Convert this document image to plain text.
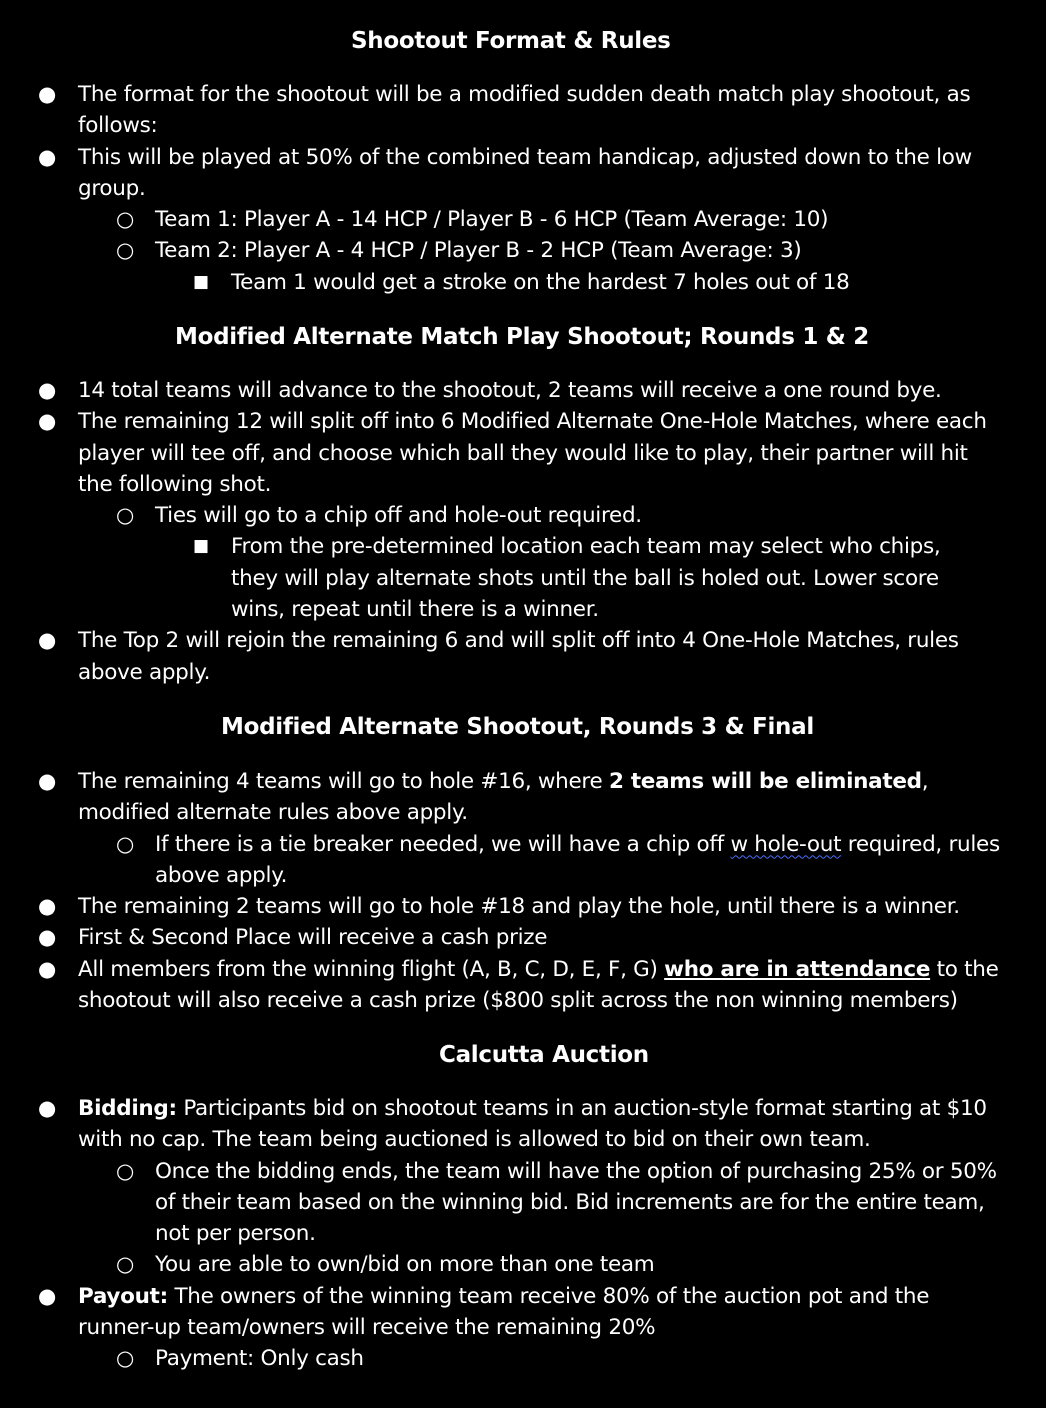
Shootout Format & Rules
● The format for the shootout will be a modified sudden death match play shootout, as follows:
● This will be played at 50% of the combined team handicap, adjusted down to the low group.
○ Team 1: Player A - 14 HCP / Player B - 6 HCP (Team Average: 10)
○ Team 2: Player A - 4 HCP / Player B - 2 HCP (Team Average: 3)
■ Team 1 would get a stroke on the hardest 7 holes out of 18
Modified Alternate Match Play Shootout; Rounds 1 & 2
● 14 total teams will advance to the shootout, 2 teams will receive a one round bye.
● The remaining 12 will split off into 6 Modified Alternate One-Hole Matches, where each player will tee off, and choose which ball they would like to play, their partner will hit the following shot.
○ Ties will go to a chip off and hole-out required.
■ From the pre-determined location each team may select who chips, they will play alternate shots until the ball is holed out. Lower score wins, repeat until there is a winner.
● The Top 2 will rejoin the remaining 6 and will split off into 4 One-Hole Matches, rules above apply.
Modified Alternate Shootout, Rounds 3 & Final
● The remaining 4 teams will go to hole #16, where 2 teams will be eliminated, modified alternate rules above apply.
○ If there is a tie breaker needed, we will have a chip off w hole-out required, rules above apply.
● The remaining 2 teams will go to hole #18 and play the hole, until there is a winner.
● First & Second Place will receive a cash prize
● All members from the winning flight (A, B, C, D, E, F, G) who are in attendance to the shootout will also receive a cash prize ($800 split across the non winning members)
Calcutta Auction
● Bidding: Participants bid on shootout teams in an auction-style format starting at $10 with no cap. The team being auctioned is allowed to bid on their own team.
○ Once the bidding ends, the team will have the option of purchasing 25% or 50% of their team based on the winning bid. Bid increments are for the entire team, not per person.
○ You are able to own/bid on more than one team
● Payout: The owners of the winning team receive 80% of the auction pot and the runner-up team/owners will receive the remaining 20%
○ Payment: Only cash
